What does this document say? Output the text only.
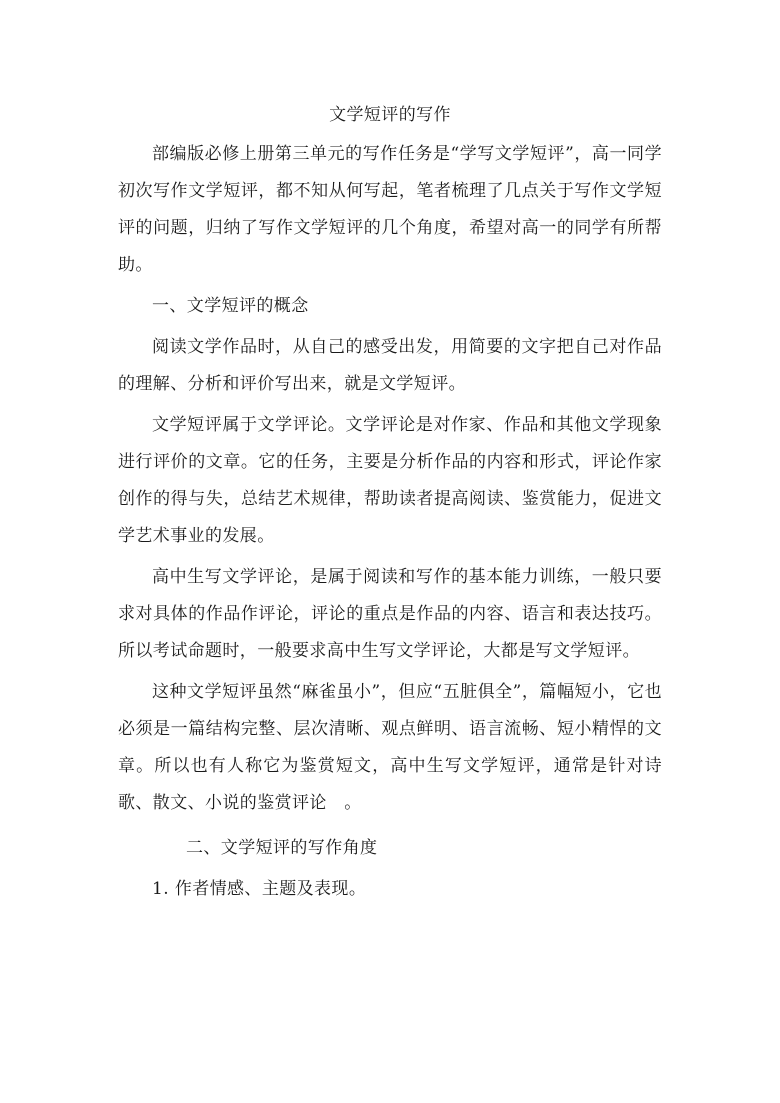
文学短评的写作

部编版必修上册第三单元的写作任务是“学写文学短评”，高一同学初次写作文学短评，都不知从何写起，笔者梳理了几点关于写作文学短评的问题，归纳了写作文学短评的几个角度，希望对高一的同学有所帮助。

一、文学短评的概念

阅读文学作品时，从自己的感受出发，用简要的文字把自己对作品的理解、分析和评价写出来，就是文学短评。

文学短评属于文学评论。文学评论是对作家、作品和其他文学现象进行评价的文章。它的任务，主要是分析作品的内容和形式，评论作家创作的得与失，总结艺术规律，帮助读者提高阅读、鉴赏能力，促进文学艺术事业的发展。

高中生写文学评论，是属于阅读和写作的基本能力训练，一般只要求对具体的作品作评论，评论的重点是作品的内容、语言和表达技巧。所以考试命题时，一般要求高中生写文学评论，大都是写文学短评。

这种文学短评虽然“麻雀虽小”，但应“五脏俱全”，篇幅短小，它也必须是一篇结构完整、层次清晰、观点鲜明、语言流畅、短小精悍的文章。所以也有人称它为鉴赏短文，高中生写文学短评，通常是针对诗歌、散文、小说的鉴赏评论　。

二、文学短评的写作角度

1. 作者情感、主题及表现。
